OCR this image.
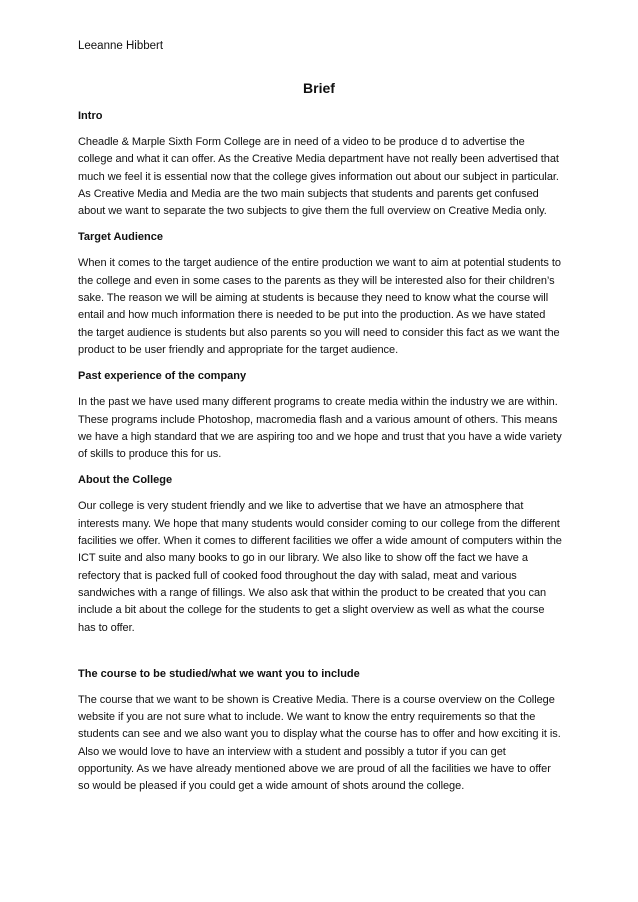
Leeanne Hibbert

Brief

Intro

Cheadle & Marple Sixth Form College are in need of a video to be produce d to advertise the college and what it can offer. As the Creative Media department have not really been advertised that much we feel it is essential now that the college gives information out about our subject in particular. As Creative Media and Media are the two main subjects that students and parents get confused about we want to separate the two subjects to give them the full overview on Creative Media only.

Target Audience

When it comes to the target audience of the entire production we want to aim at potential students to the college and even in some cases to the parents as they will be interested also for their children’s sake. The reason we will be aiming at students is because they need to know what the course will entail and how much information there is needed to be put into the production. As we have stated the target audience is students but also parents so you will need to consider this fact as we want the product to be user friendly and appropriate for the target audience.

Past experience of the company

In the past we have used many different programs to create media within the industry we are within. These programs include Photoshop, macromedia flash and a various amount of others. This means we have a high standard that we are aspiring too and we hope and trust that you have a wide variety of skills to produce this for us.

About the College

Our college is very student friendly and we like to advertise that we have an atmosphere that interests many. We hope that many students would consider coming to our college from the different facilities we offer. When it comes to different facilities we offer a wide amount of computers within the ICT suite and also many books to go in our library. We also like to show off the fact we have a refectory that is packed full of cooked food throughout the day with salad, meat and various sandwiches with a range of fillings. We also ask that within the product to be created that you can include a bit about the college for the students to get a slight overview as well as what the course has to offer.

The course to be studied/what we want you to include

The course that we want to be shown is Creative Media. There is a course overview on the College website if you are not sure what to include. We want to know the entry requirements so that the students can see and we also want you to display what the course has to offer and how exciting it is. Also we would love to have an interview with a student and possibly a tutor if you can get opportunity. As we have already mentioned above we are proud of all the facilities we have to offer so would be pleased if you could get a wide amount of shots around the college.
